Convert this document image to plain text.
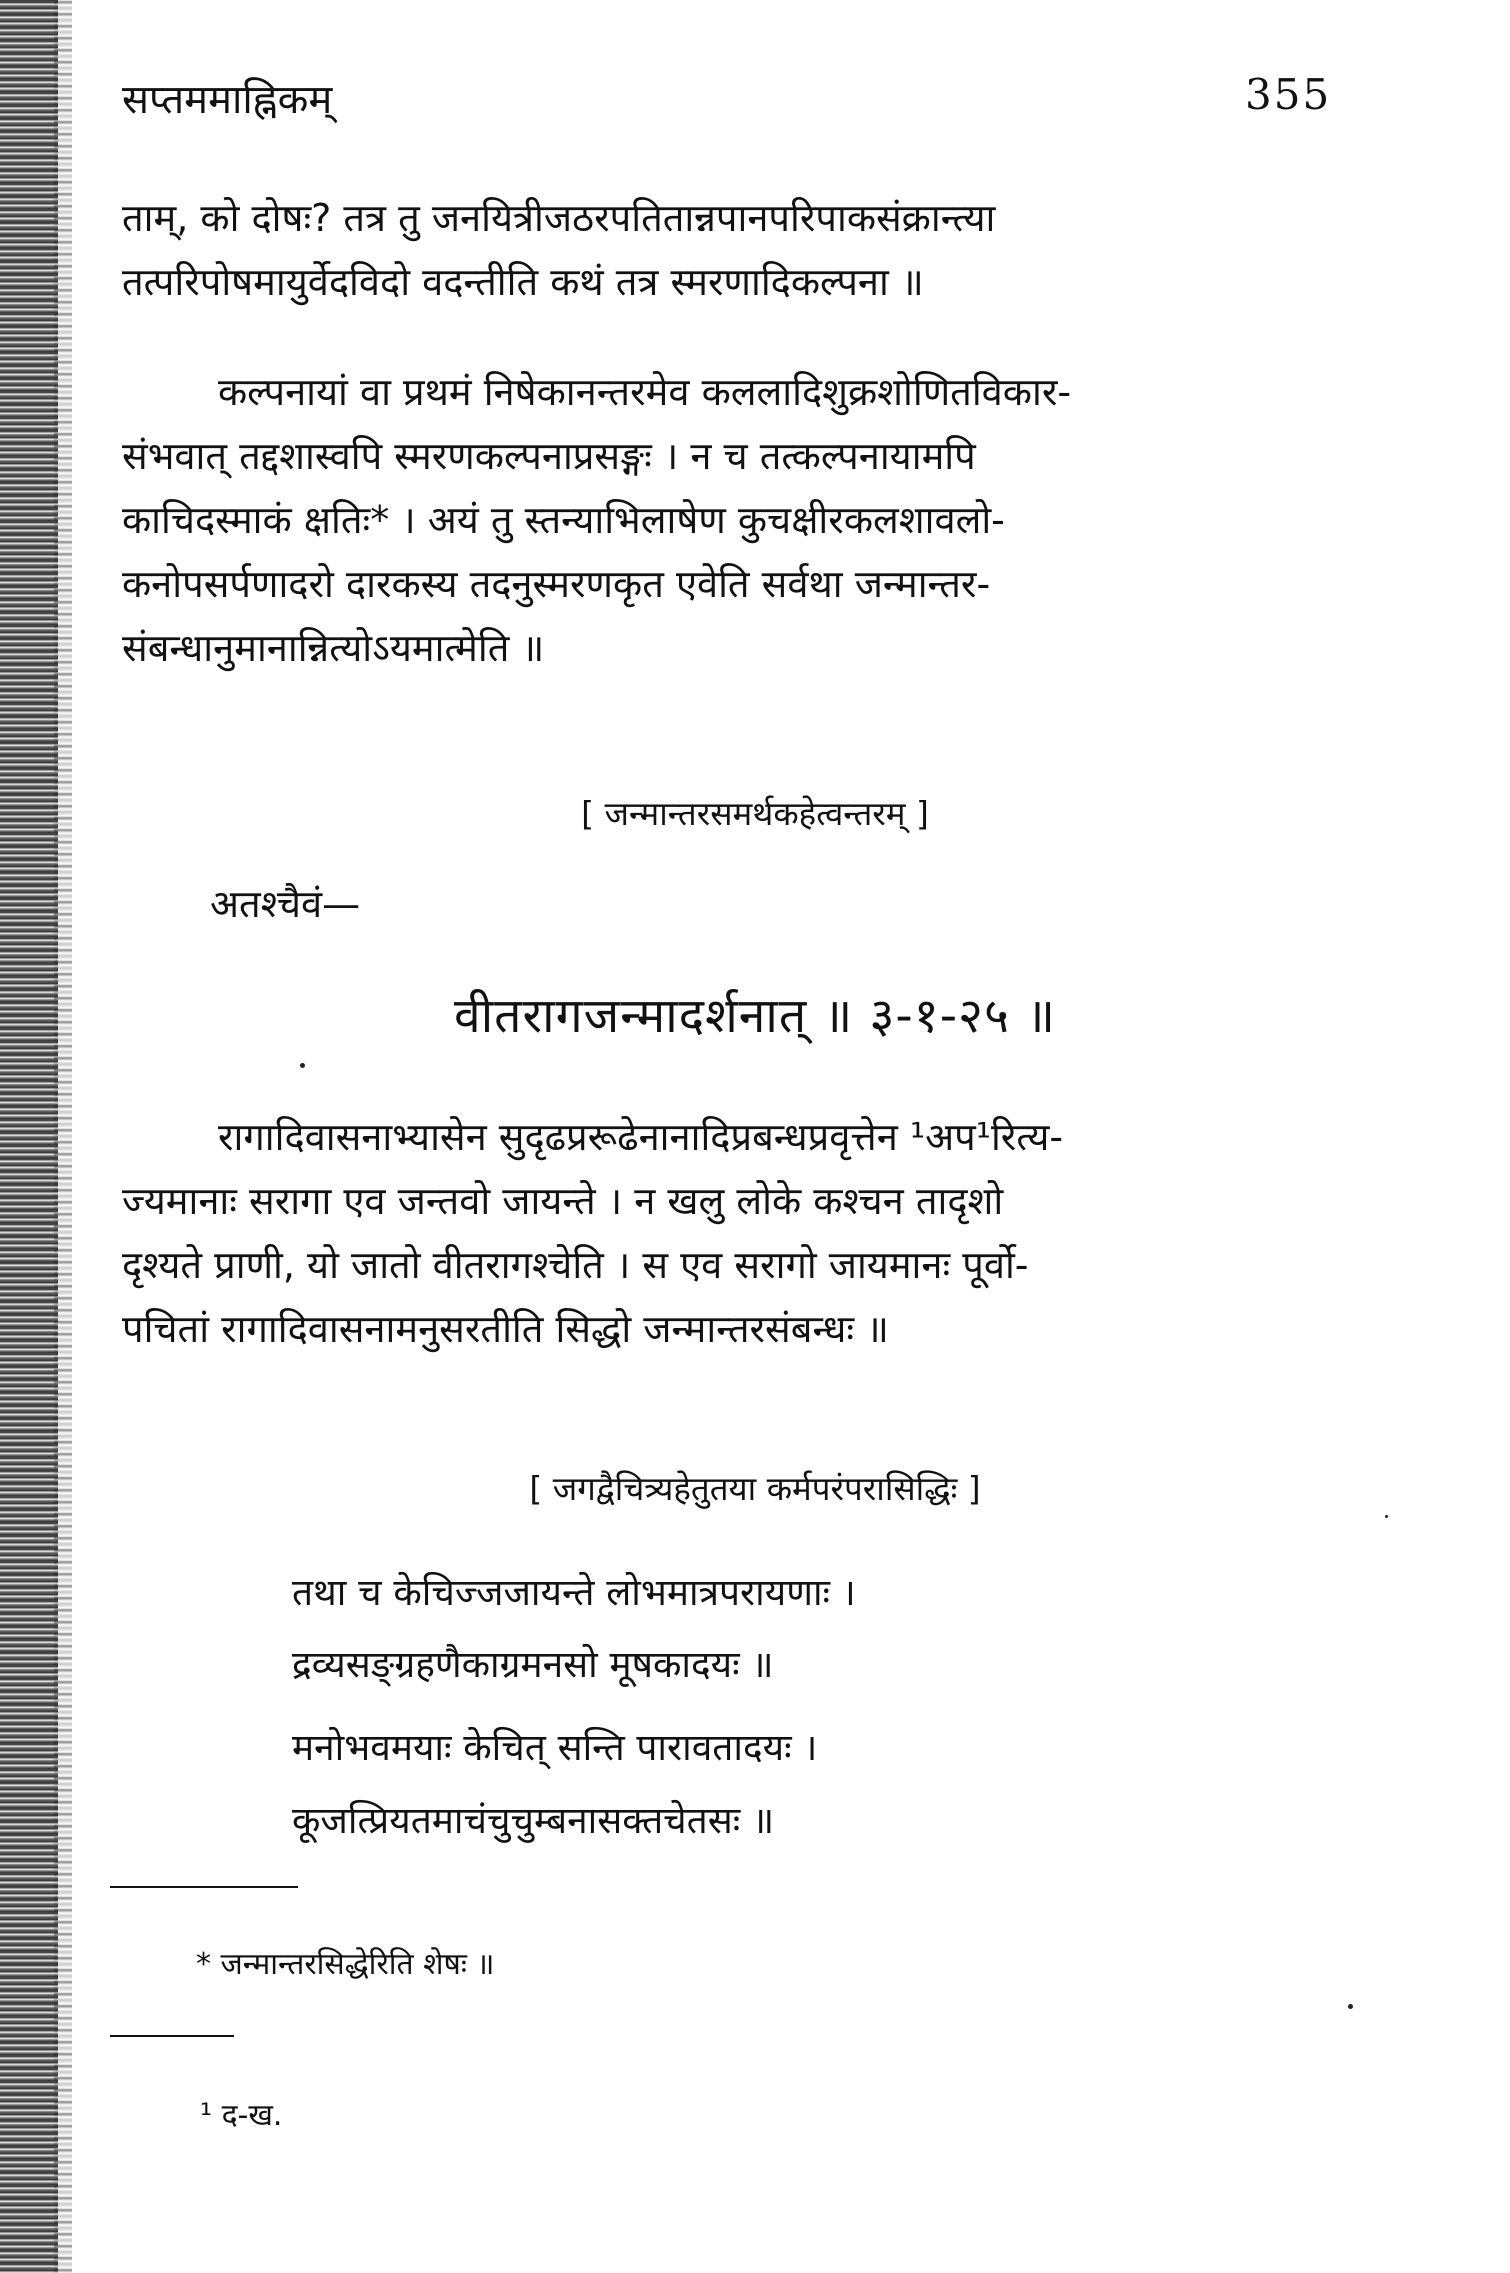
सप्तममाह्निकम्	355

ताम्, को दोषः? तत्र तु जनयित्रीजठरपतितान्नपानपरिपाकसंक्रान्त्या
तत्परिपोषमायुर्वेदविदो वदन्तीति कथं तत्र स्मरणादिकल्पना ॥

कल्पनायां वा प्रथमं निषेकानन्तरमेव कललादिशुक्रशोणितविकार-
संभवात् तद्दशास्वपि स्मरणकल्पनाप्रसङ्गः । न च तत्कल्पनायामपि
काचिदस्माकं क्षतिः* । अयं तु स्तन्याभिलाषेण कुचक्षीरकलशावलो-
कनोपसर्पणादरो दारकस्य तदनुस्मरणकृत एवेति सर्वथा जन्मान्तर-
संबन्धानुमानान्नित्योऽयमात्मेति ॥

[ जन्मान्तरसमर्थकहेत्वन्तरम् ]
अतश्चैवं—
वीतरागजन्मादर्शनात् ॥ ३-१-२५ ॥

रागादिवासनाभ्यासेन सुदृढप्ररूढेनानादिप्रबन्धप्रवृत्तेन ¹अप¹रित्य-
ज्यमानाः सरागा एव जन्तवो जायन्ते । न खलु लोके कश्चन तादृशो
दृश्यते प्राणी, यो जातो वीतरागश्चेति । स एव सरागो जायमानः पूर्वो-
पचितां रागादिवासनामनुसरतीति सिद्धो जन्मान्तरसंबन्धः ॥

[ जगद्वैचित्र्यहेतुतया कर्मपरंपरासिद्धिः ]
तथा च केचिज्जजायन्ते लोभमात्रपरायणाः ।
द्रव्यसङ्ग्रहणैकाग्रमनसो मूषकादयः ॥
मनोभवमयाः केचित् सन्ति पारावतादयः ।
कूजत्प्रियतमाचंचुचुम्बनासक्तचेतसः ॥
* जन्मान्तरसिद्धेरिति शेषः ॥
¹ द-ख.
